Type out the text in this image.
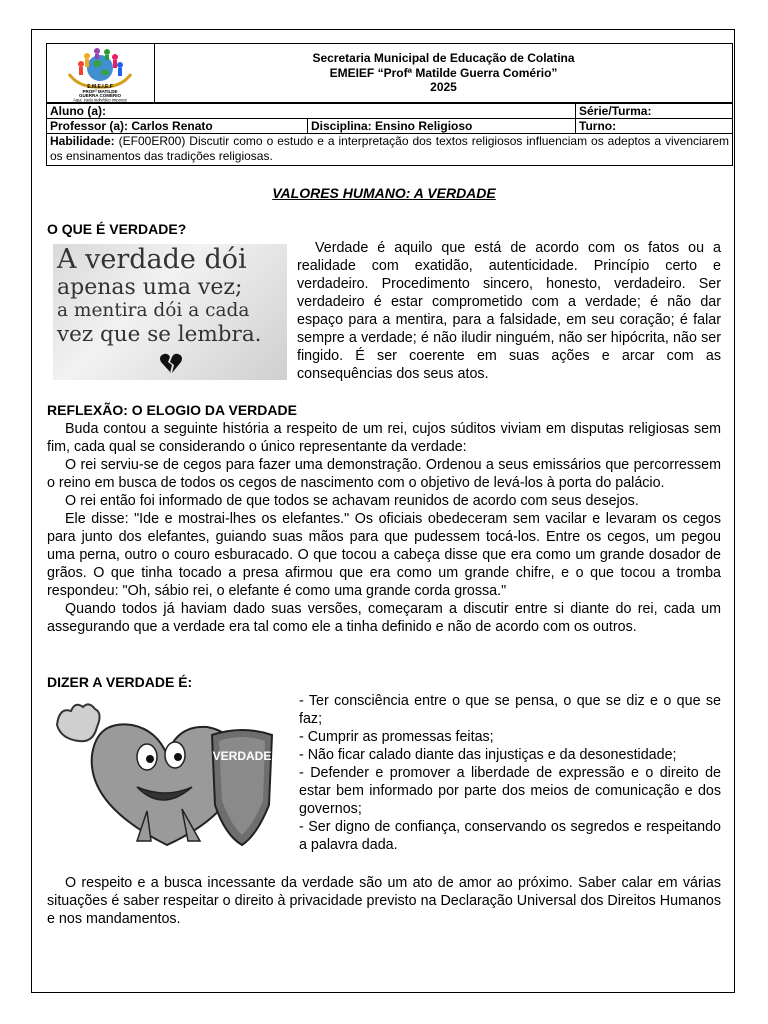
E.M.E.I.E.F
PROFª MATILDE
GUERRA COMÉRIO
Aqui, cada indivíduo importa!
Secretaria Municipal de Educação de Colatina
EMEIEF “Profª Matilde Guerra Comério”
2025
Aluno (a):		Série/Turma:
Professor (a): Carlos Renato	Disciplina: Ensino Religioso	Turno:
Habilidade: (EF00ER00) Discutir como o estudo e a interpretação dos textos religiosos influenciam os adeptos a vivenciarem os ensinamentos das tradições religiosas.		
VALORES HUMANO: A VERDADE
O QUE É VERDADE?
A verdade dói
apenas uma vez;
a mentira dói a cada
vez que se lembra.

Verdade é aquilo que está de acordo com os fatos ou a realidade com exatidão, autenticidade. Princípio certo e verdadeiro. Procedimento sincero, honesto, verdadeiro. Ser verdadeiro é estar comprometido com a verdade; é não dar espaço para a mentira, para a falsidade, em seu coração; é falar sempre a verdade; é não iludir ninguém, não ser hipócrita, não ser fingido. É ser coerente em suas ações e arcar com as consequências dos seus atos.

REFLEXÃO: O ELOGIO DA VERDADE

Buda contou a seguinte história a respeito de um rei, cujos súditos viviam em disputas religiosas sem fim, cada qual se considerando o único representante da verdade:

O rei serviu-se de cegos para fazer uma demonstração. Ordenou a seus emissários que percorressem o reino em busca de todos os cegos de nascimento com o objetivo de levá-los à porta do palácio.

O rei então foi informado de que todos se achavam reunidos de acordo com seus desejos.

Ele disse: "Ide e mostrai-lhes os elefantes." Os oficiais obedeceram sem vacilar e levaram os cegos para junto dos elefantes, guiando suas mãos para que pudessem tocá-los. Entre os cegos, um pegou uma perna, outro o couro esburacado. O que tocou a cabeça disse que era como um grande dosador de grãos. O que tinha tocado a presa afirmou que era como um grande chifre, e o que tocou a tromba respondeu: "Oh, sábio rei, o elefante é como uma grande corda grossa."

Quando todos já haviam dado suas versões, começaram a discutir entre si diante do rei, cada um assegurando que a verdade era tal como ele a tinha definido e não de acordo com os outros.

DIZER A VERDADE É:
VERDADE
- Ter consciência entre o que se pensa, o que se diz e o que se faz;
- Cumprir as promessas feitas;
- Não ficar calado diante das injustiças e da desonestidade;
- Defender e promover a liberdade de expressão e o direito de estar bem informado por parte dos meios de comunicação e dos governos;
- Ser digno de confiança, conservando os segredos e respeitando a palavra dada.

O respeito e a busca incessante da verdade são um ato de amor ao próximo. Saber calar em várias situações é saber respeitar o direito à privacidade previsto na Declaração Universal dos Direitos Humanos e nos mandamentos.
